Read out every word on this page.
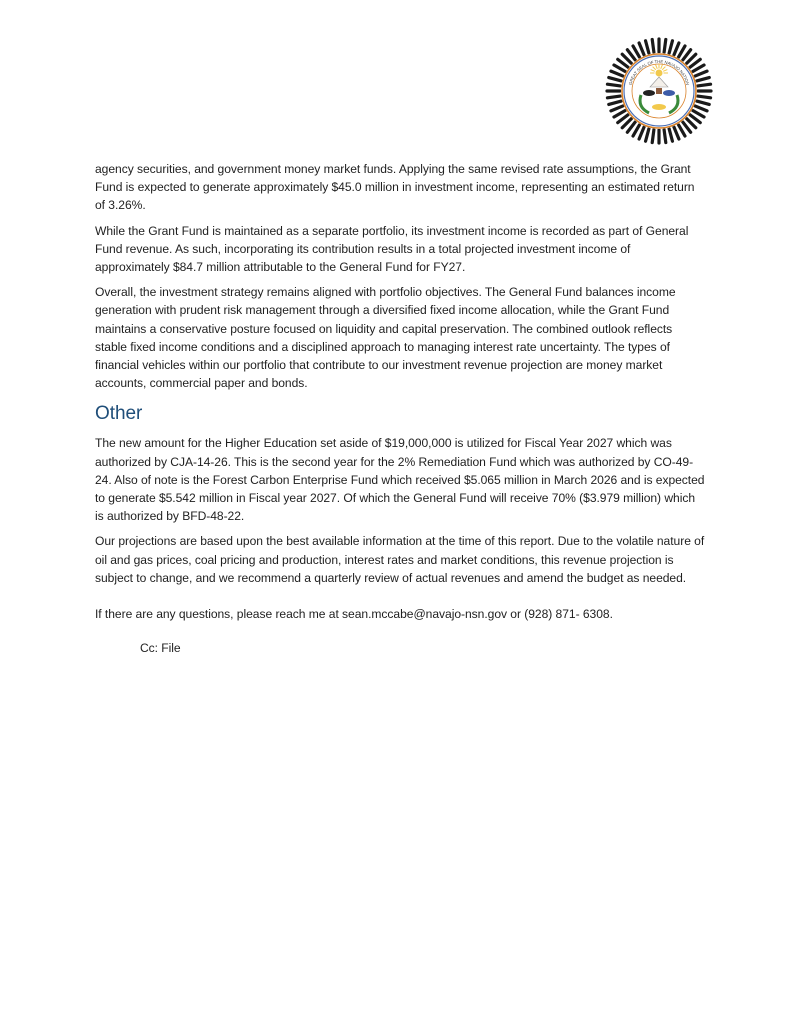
GREAT SEAL OF THE NAVAJO NATION

agency securities, and government money market funds. Applying the same revised rate assumptions, the Grant Fund is expected to generate approximately $45.0 million in investment income, representing an estimated return of 3.26%.

While the Grant Fund is maintained as a separate portfolio, its investment income is recorded as part of General Fund revenue. As such, incorporating its contribution results in a total projected investment income of approximately $84.7 million attributable to the General Fund for FY27.

Overall, the investment strategy remains aligned with portfolio objectives. The General Fund balances income generation with prudent risk management through a diversified fixed income allocation, while the Grant Fund maintains a conservative posture focused on liquidity and capital preservation. The combined outlook reflects stable fixed income conditions and a disciplined approach to managing interest rate uncertainty. The types of financial vehicles within our portfolio that contribute to our investment revenue projection are money market accounts, commercial paper and bonds.

Other

The new amount for the Higher Education set aside of $19,000,000 is utilized for Fiscal Year 2027 which was authorized by CJA-14-26. This is the second year for the 2% Remediation Fund which was authorized by CO-49-24. Also of note is the Forest Carbon Enterprise Fund which received $5.065 million in March 2026 and is expected to generate $5.542 million in Fiscal year 2027. Of which the General Fund will receive 70% ($3.979 million) which is authorized by BFD-48-22.

Our projections are based upon the best available information at the time of this report. Due to the volatile nature of oil and gas prices, coal pricing and production, interest rates and market conditions, this revenue projection is subject to change, and we recommend a quarterly review of actual revenues and amend the budget as needed.

If there are any questions, please reach me at sean.mccabe@navajo-nsn.gov or (928) 871- 6308.

Cc: File
